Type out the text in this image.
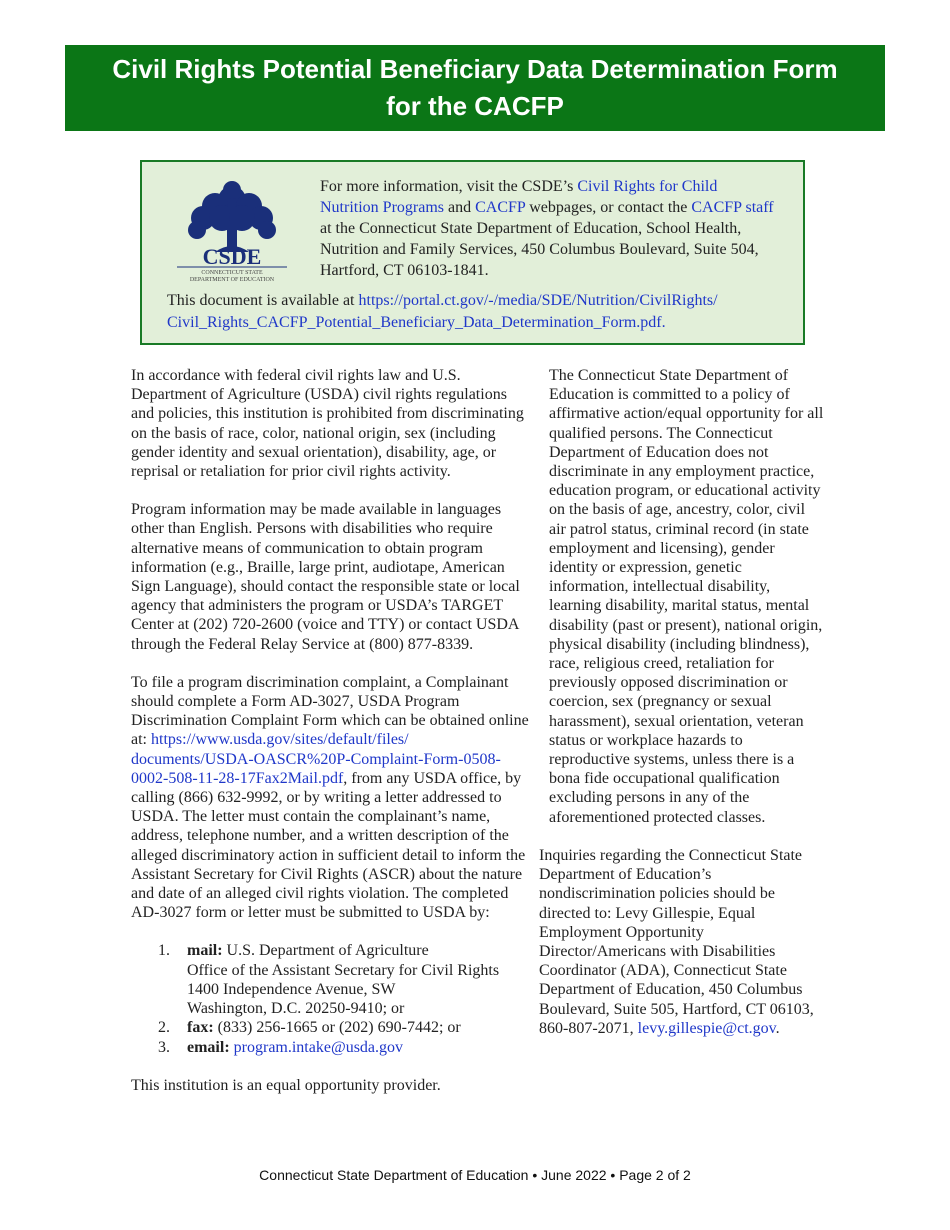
Civil Rights Potential Beneficiary Data Determination Form
for the CACFP
CSDE
CONNECTICUT STATE
DEPARTMENT OF EDUCATION

For more information, visit the CSDE’s Civil Rights for Child Nutrition Programs and CACFP webpages, or contact the CACFP staff at the Connecticut State Department of Education, School Health, Nutrition and Family Services, 450 Columbus Boulevard, Suite 504, Hartford, CT 06103-1841.

This document is available at https://portal.ct.gov/-/media/SDE/Nutrition/CivilRights/
Civil_Rights_CACFP_Potential_Beneficiary_Data_Determination_Form.pdf.

In accordance with federal civil rights law and U.S. Department of Agriculture (USDA) civil rights regulations and policies, this institution is prohibited from discriminating on the basis of race, color, national origin, sex (including gender identity and sexual orientation), disability, age, or reprisal or retaliation for prior civil rights activity.

Program information may be made available in languages other than English. Persons with disabilities who require alternative means of communication to obtain program information (e.g., Braille, large print, audiotape, American Sign Language), should contact the responsible state or local agency that administers the program or USDA’s TARGET Center at (202) 720-2600 (voice and TTY) or contact USDA through the Federal Relay Service at (800) 877-8339.

To file a program discrimination complaint, a Complainant should complete a Form AD-3027, USDA Program Discrimination Complaint Form which can be obtained online at: https://www.usda.gov/sites/default/files/
documents/USDA-OASCR%20P-Complaint-Form-0508-
0002-508-11-28-17Fax2Mail.pdf, from any USDA office, by calling (866) 632-9992, or by writing a letter addressed to USDA. The letter must contain the complainant’s name, address, telephone number, and a written description of the alleged discriminatory action in sufficient detail to inform the Assistant Secretary for Civil Rights (ASCR) about the nature and date of an alleged civil rights violation. The completed AD-3027 form or letter must be submitted to USDA by:

1. mail: U.S. Department of Agriculture
Office of the Assistant Secretary for Civil Rights
1400 Independence Avenue, SW
Washington, D.C. 20250-9410; or
2. fax: (833) 256-1665 or (202) 690-7442; or
3. email: program.intake@usda.gov

This institution is an equal opportunity provider.

The Connecticut State Department of Education is committed to a policy of affirmative action/equal opportunity for all qualified persons. The Connecticut Department of Education does not discriminate in any employment practice, education program, or educational activity on the basis of age, ancestry, color, civil air patrol status, criminal record (in state employment and licensing), gender identity or expression, genetic information, intellectual disability, learning disability, marital status, mental disability (past or present), national origin, physical disability (including blindness), race, religious creed, retaliation for previously opposed discrimination or coercion, sex (pregnancy or sexual harassment), sexual orientation, veteran status or workplace hazards to reproductive systems, unless there is a bona fide occupational qualification excluding persons in any of the aforementioned protected classes.

Inquiries regarding the Connecticut State Department of Education’s nondiscrimination policies should be directed to: Levy Gillespie, Equal Employment Opportunity Director/Americans with Disabilities Coordinator (ADA), Connecticut State Department of Education, 450 Columbus Boulevard, Suite 505, Hartford, CT 06103, 860-807-2071, levy.gillespie@ct.gov.

Connecticut State Department of Education • June 2022 • Page 2 of 2
